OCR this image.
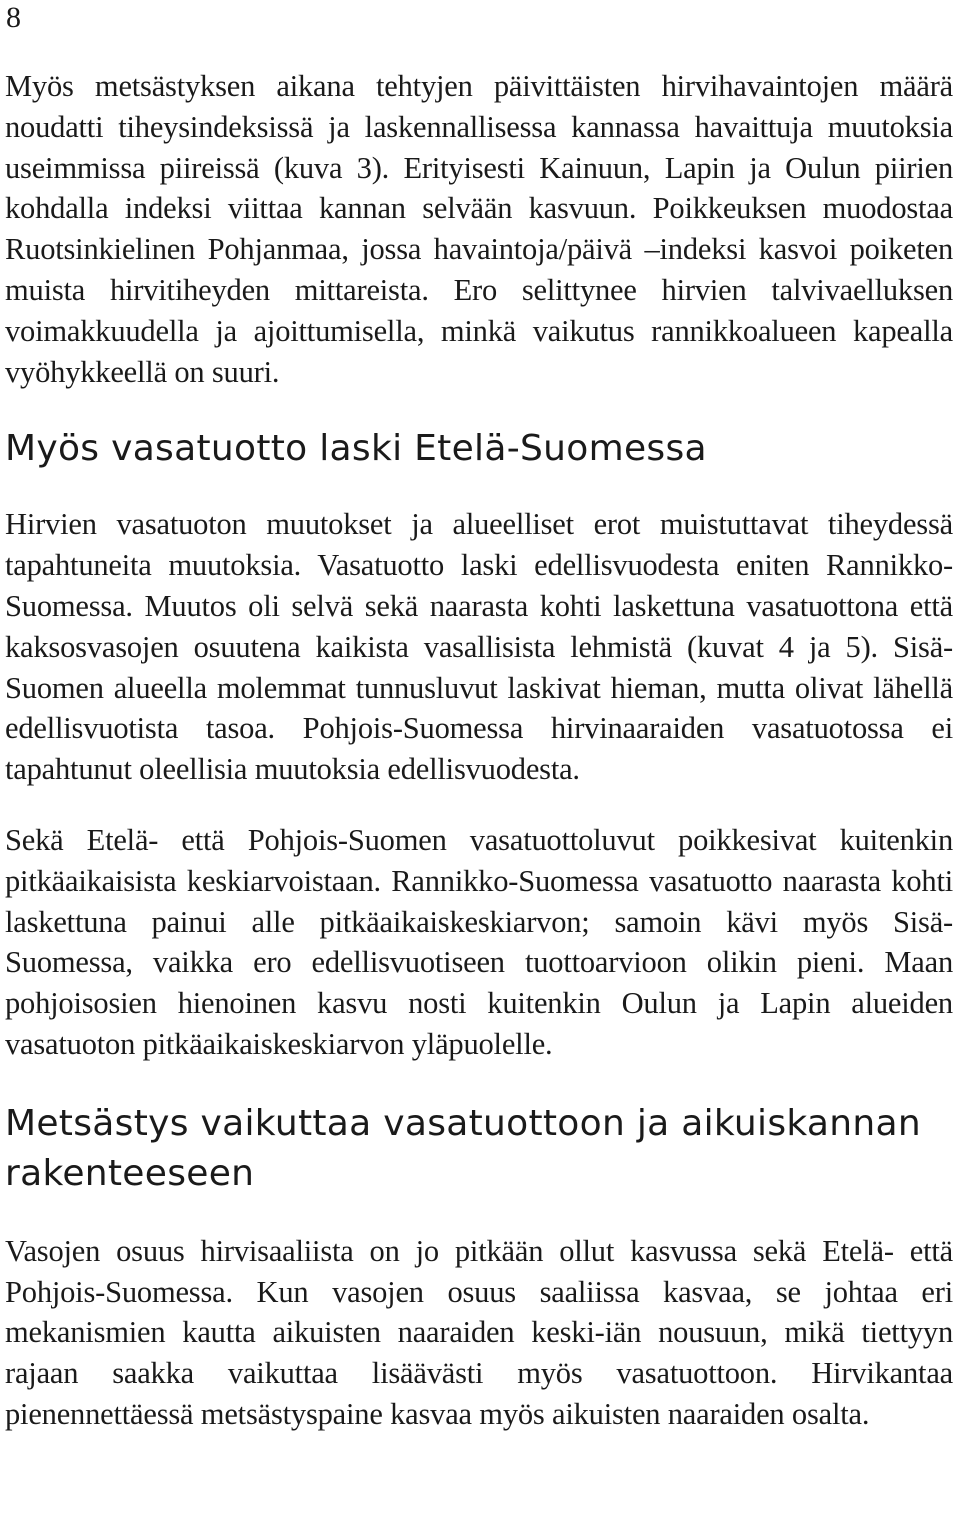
8

Myös metsästyksen aikana tehtyjen päivittäisten hirvihavaintojen määrä noudatti tiheysindeksissä ja laskennallisessa kannassa havaittuja muutoksia useimmissa piireissä (kuva 3). Erityisesti Kainuun, Lapin ja Oulun piirien kohdalla indeksi viittaa kannan selvään kasvuun. Poikkeuksen muodostaa Ruotsinkielinen Pohjanmaa, jossa havaintoja/päivä –indeksi kasvoi poiketen muista hirvitiheyden mittareista. Ero selittynee hirvien talvivaelluksen voimakkuudella ja ajoittumisella, minkä vaikutus rannikkoalueen kapealla vyöhykkeellä on suuri.

Myös vasatuotto laski Etelä-Suomessa

Hirvien vasatuoton muutokset ja alueelliset erot muistuttavat tiheydessä tapahtuneita muutoksia. Vasatuotto laski edellisvuodesta eniten Rannikko-Suomessa. Muutos oli selvä sekä naarasta kohti laskettuna vasatuottona että kaksosvasojen osuutena kaikista vasallisista lehmistä (kuvat 4 ja 5). Sisä-Suomen alueella molemmat tunnusluvut laskivat hieman, mutta olivat lähellä edellisvuotista tasoa. Pohjois-Suomessa hirvinaaraiden vasatuotossa ei tapahtunut oleellisia muutoksia edellisvuodesta.

Sekä Etelä- että Pohjois-Suomen vasatuottoluvut poikkesivat kuitenkin pitkäaikaisista keskiarvoistaan. Rannikko-Suomessa vasatuotto naarasta kohti laskettuna painui alle pitkäaikaiskeskiarvon; samoin kävi myös Sisä-Suomessa, vaikka ero edellisvuotiseen tuottoarvioon olikin pieni. Maan pohjoisosien hienoinen kasvu nosti kuitenkin Oulun ja Lapin alueiden vasatuoton pitkäaikaiskeskiarvon yläpuolelle.

Metsästys vaikuttaa vasatuottoon ja aikuiskannan rakenteeseen

Vasojen osuus hirvisaaliista on jo pitkään ollut kasvussa sekä Etelä- että Pohjois-Suomessa. Kun vasojen osuus saaliissa kasvaa, se johtaa eri mekanismien kautta aikuisten naaraiden keski-iän nousuun, mikä tiettyyn rajaan saakka vaikuttaa lisäävästi myös vasatuottoon. Hirvikantaa pienennettäessä metsästyspaine kasvaa myös aikuisten naaraiden osalta.
